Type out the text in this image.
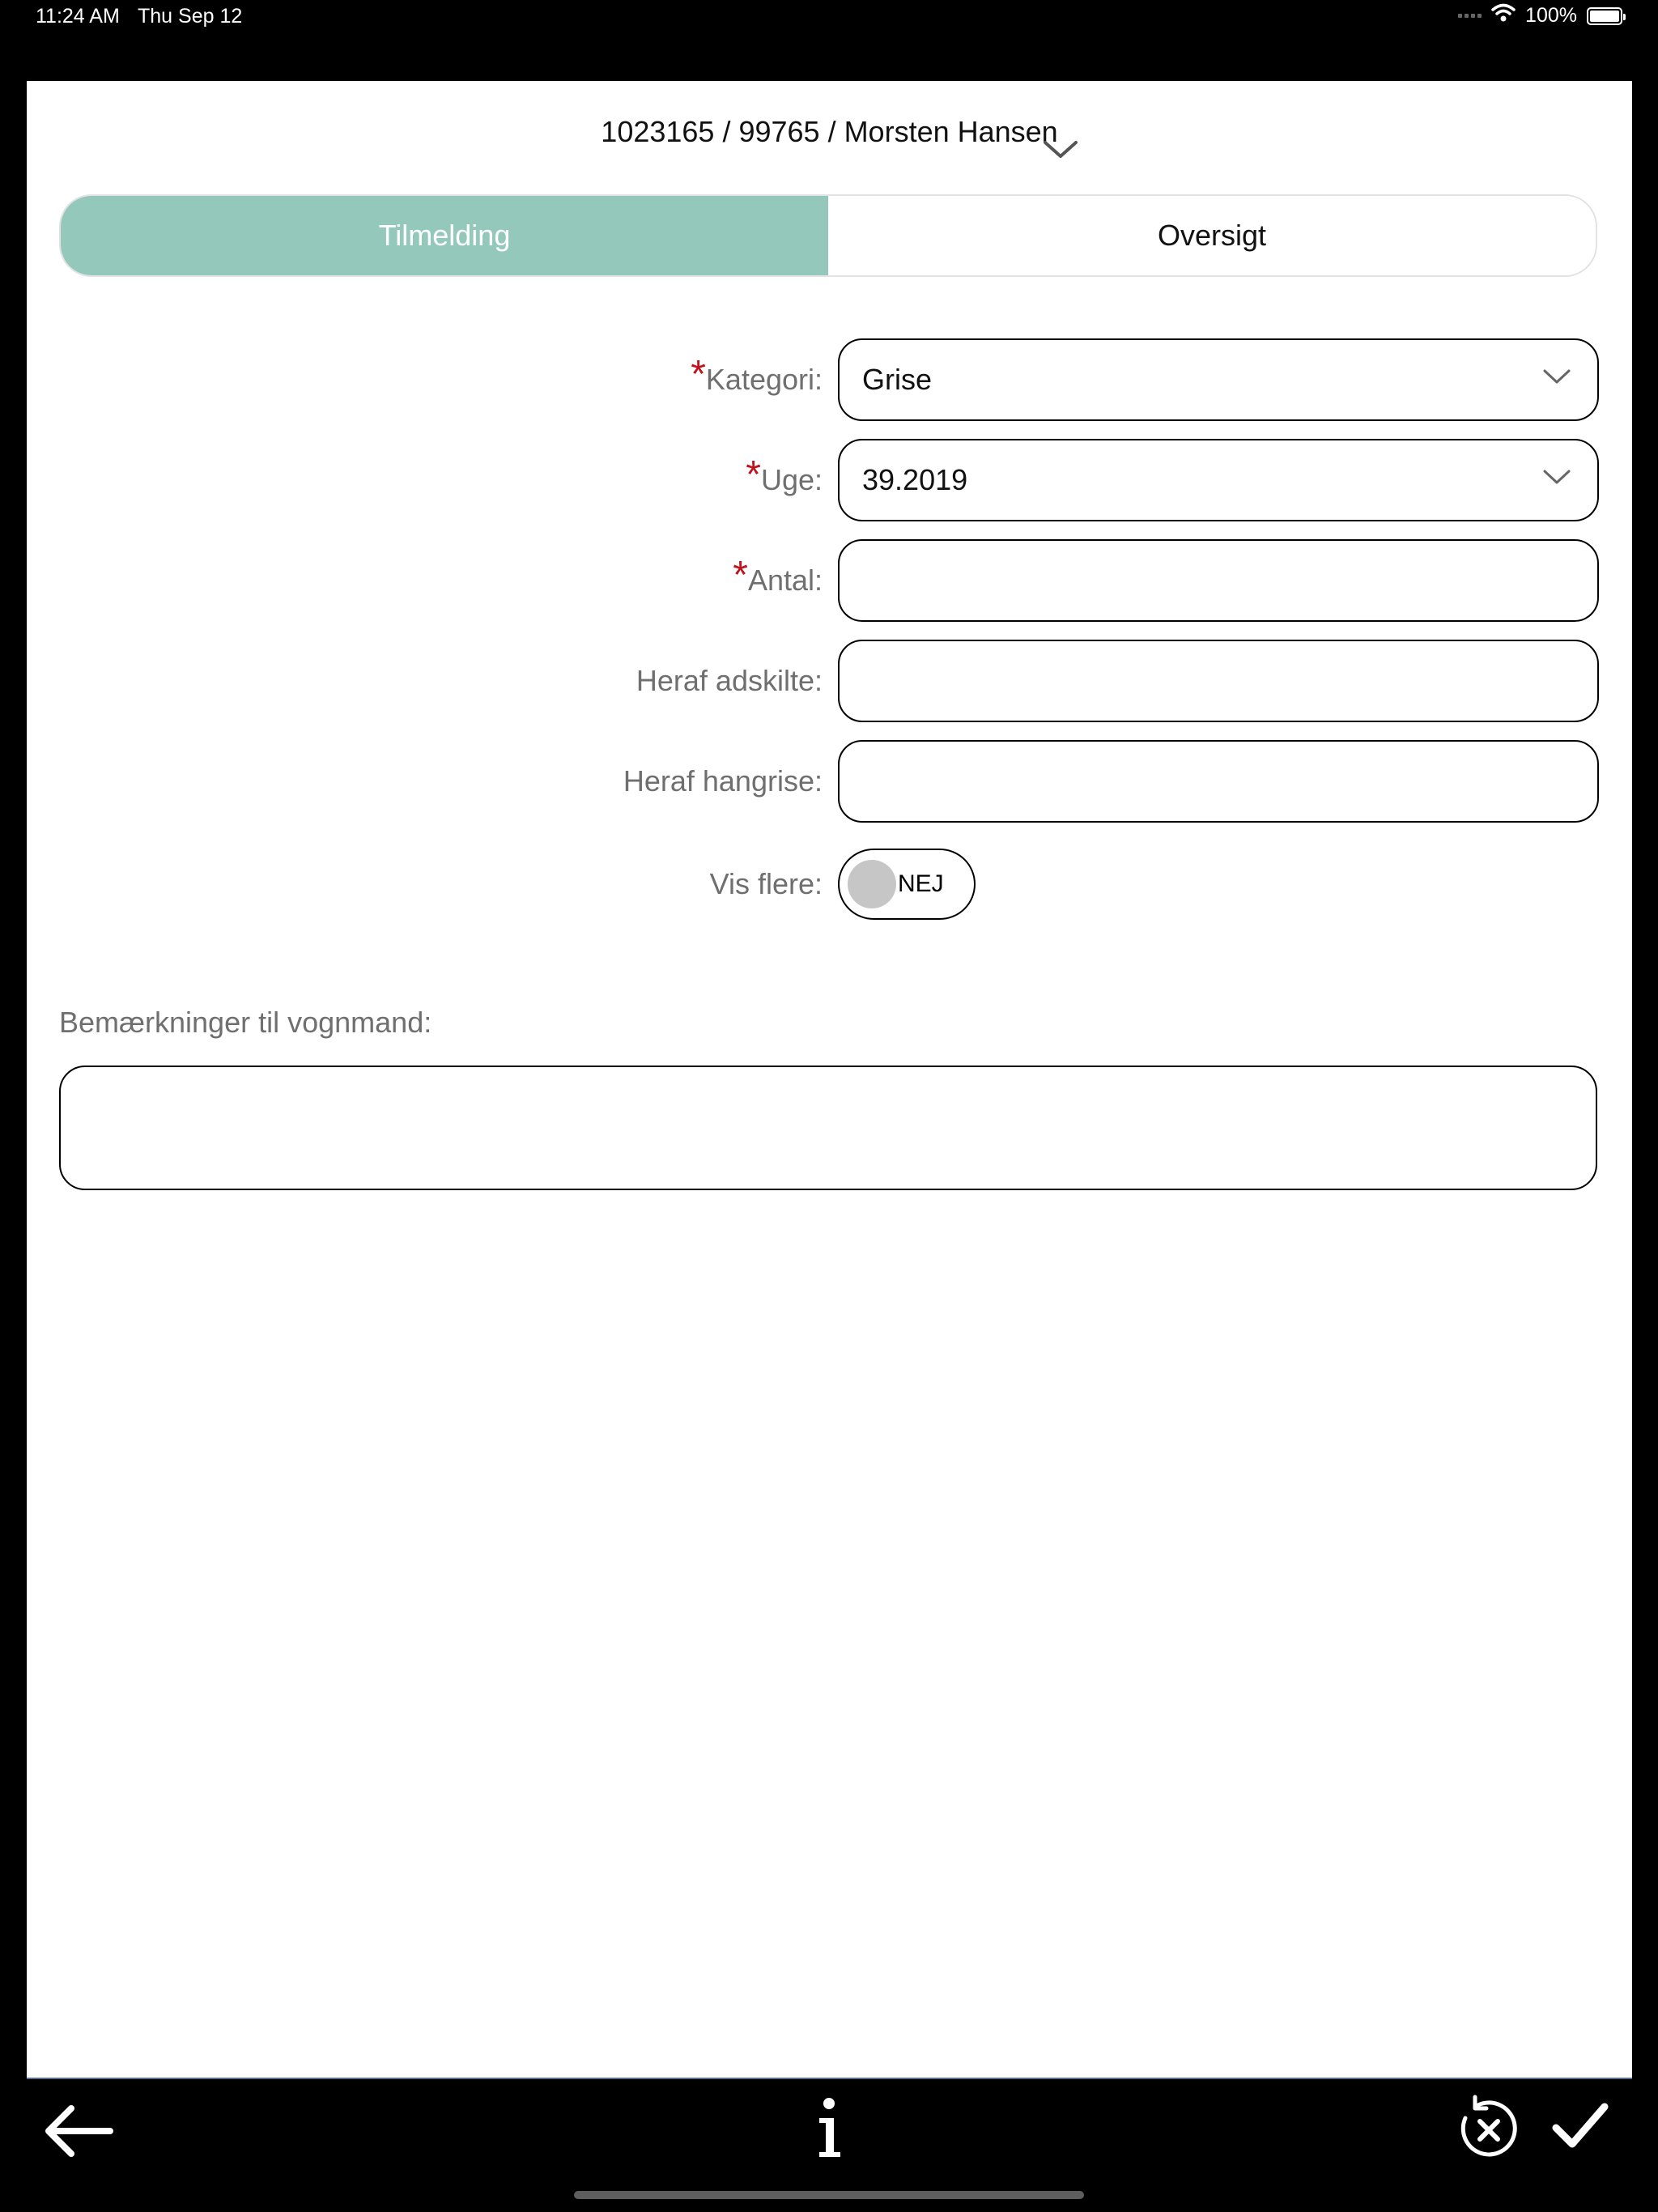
11:24 AM Thu Sep 12	100%
1023165 / 99765 / Morsten Hansen
Tilmelding	Oversigt
* Kategori: Grise
* Uge: 39.2019
* Antal:
Heraf adskilte:
Heraf hangrise:
Vis flere:	NEJ
Bemærkninger til vognmand:
